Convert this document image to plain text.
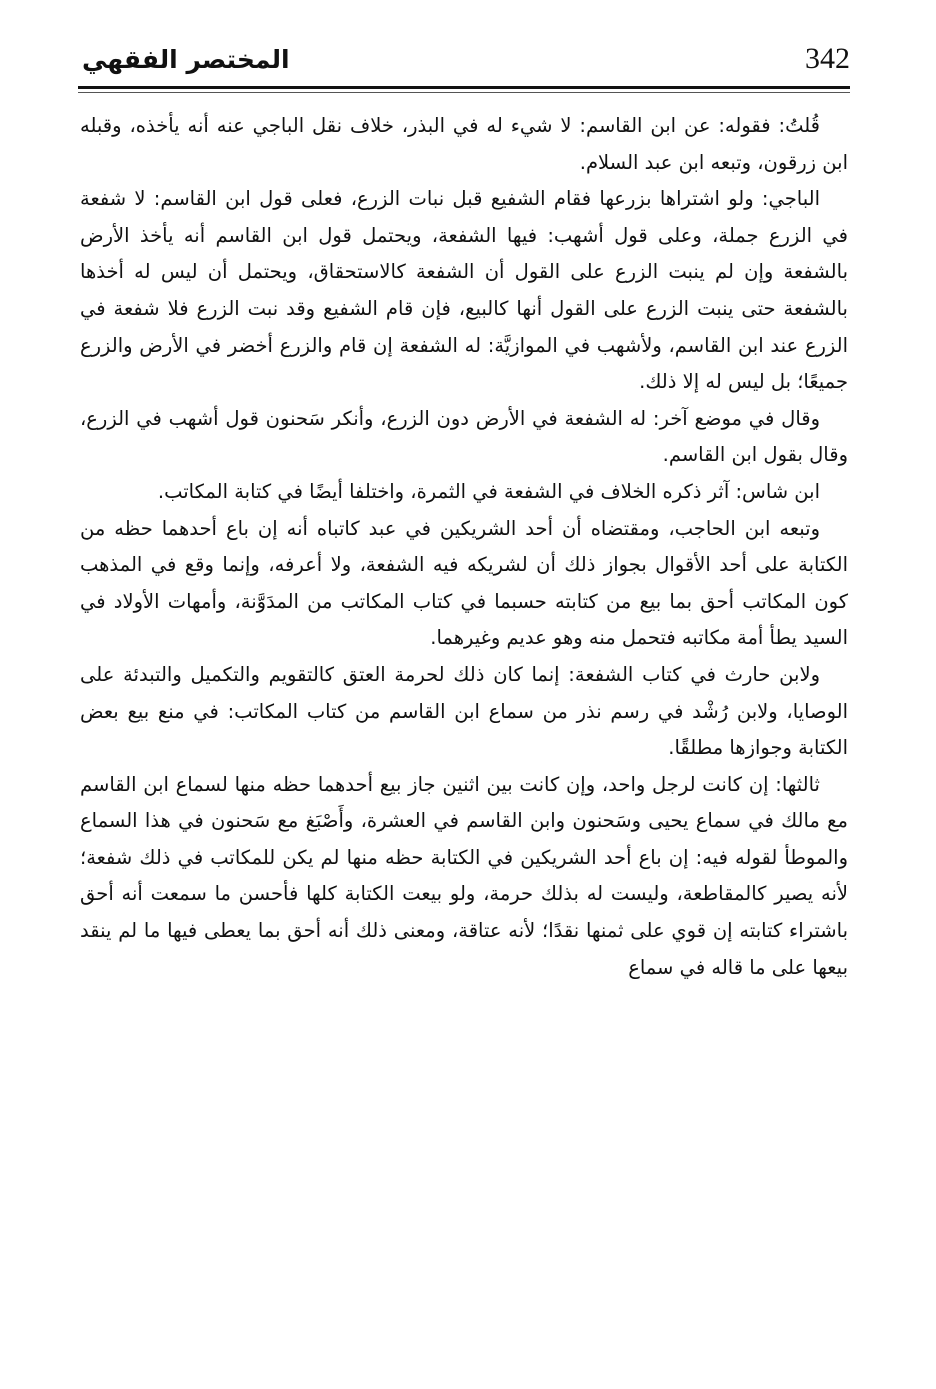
342
المختصر الفقهي

قُلتُ: فقوله: عن ابن القاسم: لا شيء له في البذر، خلاف نقل الباجي عنه أنه يأخذه، وقبله ابن زرقون، وتبعه ابن عبد السلام.

الباجي: ولو اشتراها بزرعها فقام الشفيع قبل نبات الزرع، فعلى قول ابن القاسم: لا شفعة في الزرع جملة، وعلى قول أشهب: فيها الشفعة، ويحتمل قول ابن القاسم أنه يأخذ الأرض بالشفعة وإن لم ينبت الزرع على القول أن الشفعة كالاستحقاق، ويحتمل أن ليس له أخذها بالشفعة حتى ينبت الزرع على القول أنها كالبيع، فإن قام الشفيع وقد نبت الزرع فلا شفعة في الزرع عند ابن القاسم، ولأشهب في الموازيَّة: له الشفعة إن قام والزرع أخضر في الأرض والزرع جميعًا؛ بل ليس له إلا ذلك.

وقال في موضع آخر: له الشفعة في الأرض دون الزرع، وأنكر سَحنون قول أشهب في الزرع، وقال بقول ابن القاسم.

ابن شاس: آثر ذكره الخلاف في الشفعة في الثمرة، واختلفا أيضًا في كتابة المكاتب.

وتبعه ابن الحاجب، ومقتضاه أن أحد الشريكين في عبد كاتباه أنه إن باع أحدهما حظه من الكتابة على أحد الأقوال بجواز ذلك أن لشريكه فيه الشفعة، ولا أعرفه، وإنما وقع في المذهب كون المكاتب أحق بما بيع من كتابته حسبما في كتاب المكاتب من المدَوَّنة، وأمهات الأولاد في السيد يطأ أمة مكاتبه فتحمل منه وهو عديم وغيرهما.

ولابن حارث في كتاب الشفعة: إنما كان ذلك لحرمة العتق كالتقويم والتكميل والتبدئة على الوصايا، ولابن رُشْد في رسم نذر من سماع ابن القاسم من كتاب المكاتب: في منع بيع بعض الكتابة وجوازها مطلقًا.

ثالثها: إن كانت لرجل واحد، وإن كانت بين اثنين جاز بيع أحدهما حظه منها لسماع ابن القاسم مع مالك في سماع يحيى وسَحنون وابن القاسم في العشرة، وأَصْبَغ مع سَحنون في هذا السماع والموطأ لقوله فيه: إن باع أحد الشريكين في الكتابة حظه منها لم يكن للمكاتب في ذلك شفعة؛ لأنه يصير كالمقاطعة، وليست له بذلك حرمة، ولو بيعت الكتابة كلها فأحسن ما سمعت أنه أحق باشتراء كتابته إن قوي على ثمنها نقدًا؛ لأنه عتاقة، ومعنى ذلك أنه أحق بما يعطى فيها ما لم ينقد بيعها على ما قاله في سماع
